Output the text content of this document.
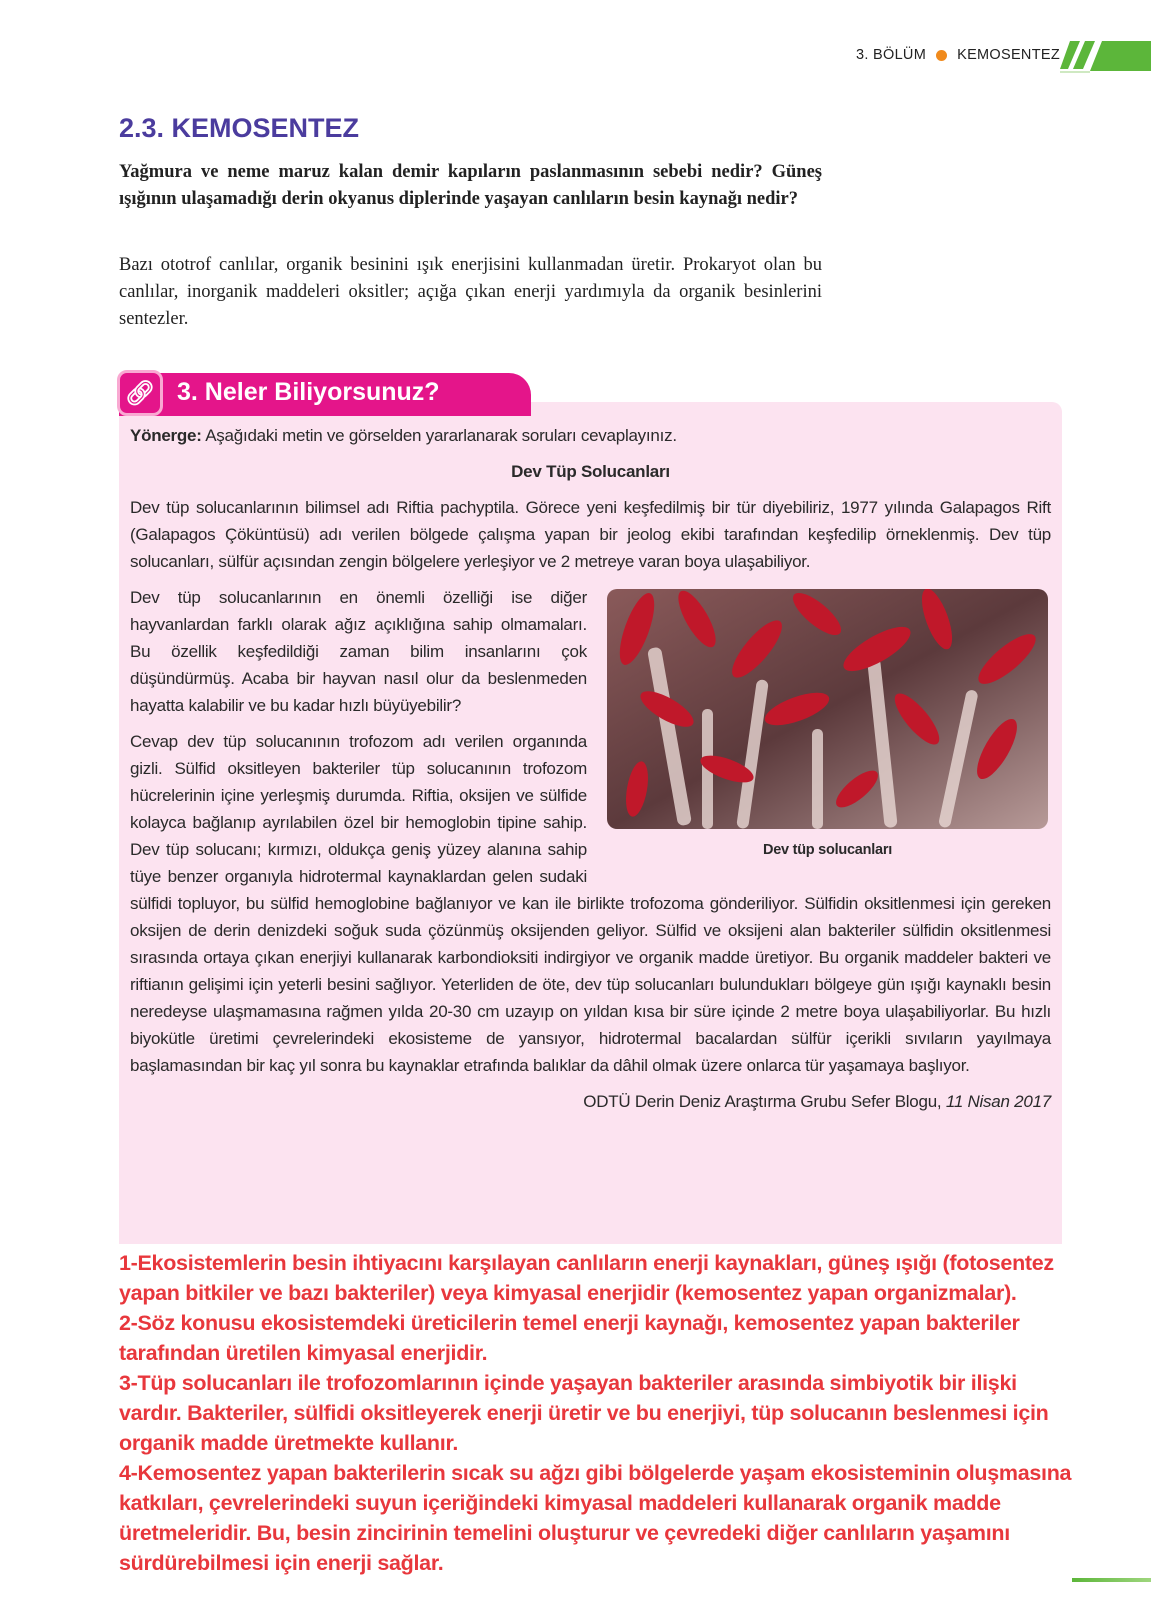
3. BÖLÜM KEMOSENTEZ
2.3. KEMOSENTEZ
Yağmura ve neme maruz kalan demir kapıların paslanmasının sebebi nedir? Güneş ışığının ulaşamadığı derin okyanus diplerinde yaşayan canlıların besin kaynağı nedir?
Bazı ototrof canlılar, organik besinini ışık enerjisini kullanmadan üretir. Prokaryot olan bu canlılar, inorganik maddeleri oksitler; açığa çıkan enerji yardımıyla da organik besinlerini sentezler.
🔗︎ 3. Neler Biliyorsunuz?

Yönerge: Aşağıdaki metin ve görselden yararlanarak soruları cevaplayınız.

Dev Tüp Solucanları

Dev tüp solucanlarının bilimsel adı Riftia pachyptila. Görece yeni keşfedilmiş bir tür diyebiliriz, 1977 yılında Galapagos Rift (Galapagos Çöküntüsü) adı verilen bölgede çalışma yapan bir jeolog ekibi tarafından keşfedilip örneklenmiş. Dev tüp solucanları, sülfür açısından zengin bölgelere yerleşiyor ve 2 metreye varan boya ulaşabiliyor.

Dev tüp solucanları

Dev tüp solucanlarının en önemli özelliği ise diğer hayvanlardan farklı olarak ağız açıklığına sahip olmamaları. Bu özellik keşfedildiği zaman bilim insanlarını çok düşündürmüş. Acaba bir hayvan nasıl olur da beslenmeden hayatta kalabilir ve bu kadar hızlı büyüyebilir?

Cevap dev tüp solucanının trofozom adı verilen organında gizli. Sülfid oksitleyen bakteriler tüp solucanının trofozom hücrelerinin içine yerleşmiş durumda. Riftia, oksijen ve sülfide kolayca bağlanıp ayrılabilen özel bir hemoglobin tipine sahip. Dev tüp solucanı; kırmızı, oldukça geniş yüzey alanına sahip tüye benzer organıyla hidrotermal kaynaklardan gelen sudaki sülfidi topluyor, bu sülfid hemoglobine bağlanıyor ve kan ile birlikte trofozoma gönderiliyor. Sülfidin oksitlenmesi için gereken oksijen de derin denizdeki soğuk suda çözünmüş oksijenden geliyor. Sülfid ve oksijeni alan bakteriler sülfidin oksitlenmesi sırasında ortaya çıkan enerjiyi kullanarak karbondioksiti indirgiyor ve organik madde üretiyor. Bu organik maddeler bakteri ve riftianın gelişimi için yeterli besini sağlıyor. Yeterliden de öte, dev tüp solucanları bulundukları bölgeye gün ışığı kaynaklı besin neredeyse ulaşmamasına rağmen yılda 20-30 cm uzayıp on yıldan kısa bir süre içinde 2 metre boya ulaşabiliyorlar. Bu hızlı biyokütle üretimi çevrelerindeki ekosisteme de yansıyor, hidrotermal bacalardan sülfür içerikli sıvıların yayılmaya başlamasından bir kaç yıl sonra bu kaynaklar etrafında balıklar da dâhil olmak üzere onlarca tür yaşamaya başlıyor.

ODTÜ Derin Deniz Araştırma Grubu Sefer Blogu, 11 Nisan 2017
1-Ekosistemlerin besin ihtiyacını karşılayan canlıların enerji kaynakları, güneş ışığı (fotosentez yapan bitkiler ve bazı bakteriler) veya kimyasal enerjidir (kemosentez yapan organizmalar).
2-Söz konusu ekosistemdeki üreticilerin temel enerji kaynağı, kemosentez yapan bakteriler tarafından üretilen kimyasal enerjidir.
3-Tüp solucanları ile trofozomlarının içinde yaşayan bakteriler arasında simbiyotik bir ilişki vardır. Bakteriler, sülfidi oksitleyerek enerji üretir ve bu enerjiyi, tüp solucanın beslenmesi için organik madde üretmekte kullanır.
4-Kemosentez yapan bakterilerin sıcak su ağzı gibi bölgelerde yaşam ekosisteminin oluşmasına katkıları, çevrelerindeki suyun içeriğindeki kimyasal maddeleri kullanarak organik madde üretmeleridir. Bu, besin zincirinin temelini oluşturur ve çevredeki diğer canlıların yaşamını sürdürebilmesi için enerji sağlar.
